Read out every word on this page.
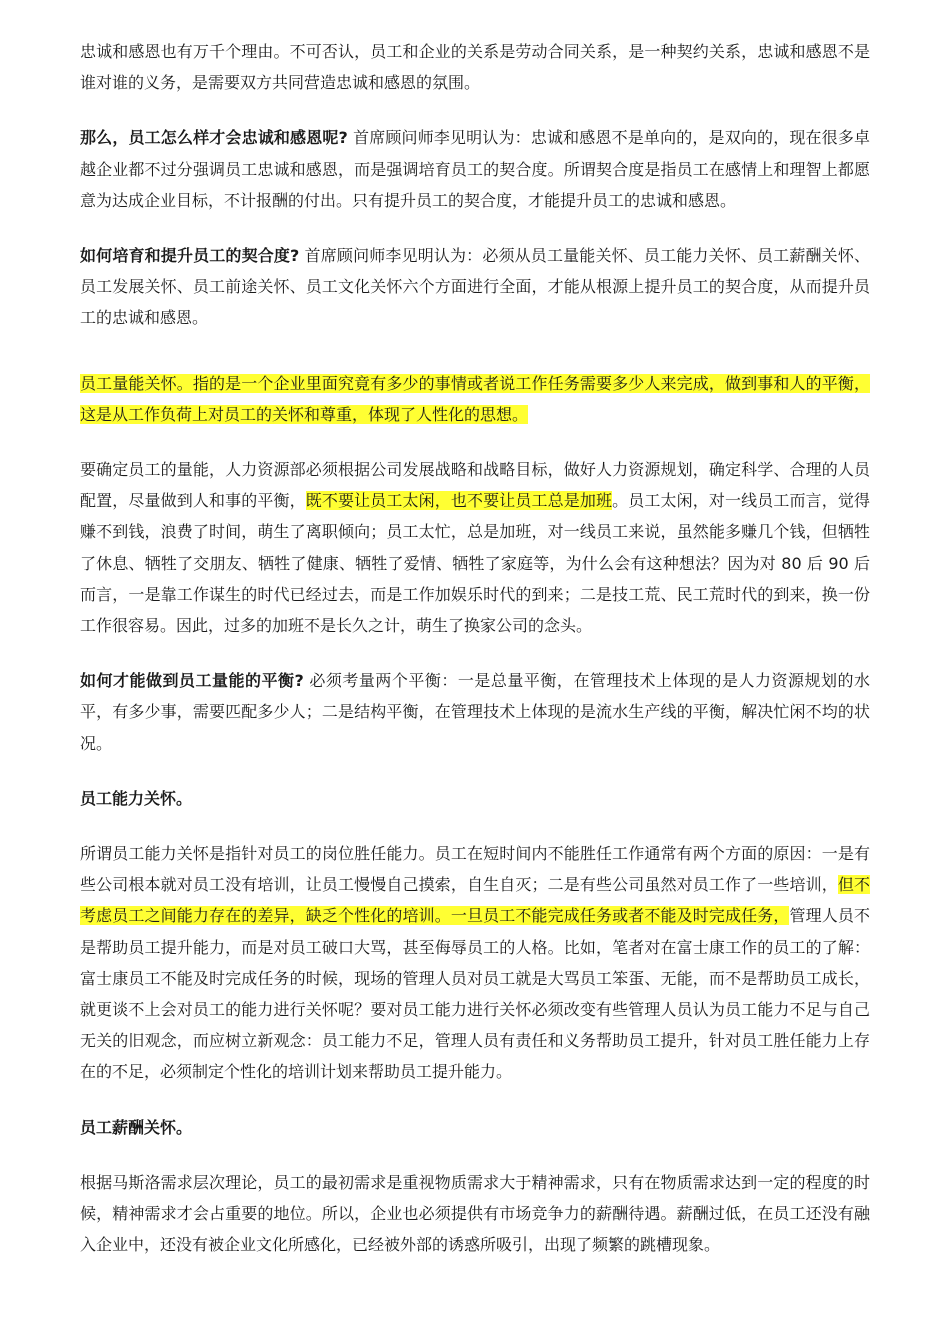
忠诚和感恩也有万千个理由。不可否认，员工和企业的关系是劳动合同关系，是一种契约关系，忠诚和感恩不是谁对谁的义务，是需要双方共同营造忠诚和感恩的氛围。

那么，员工怎么样才会忠诚和感恩呢? 首席顾问师李见明认为：忠诚和感恩不是单向的，是双向的，现在很多卓越企业都不过分强调员工忠诚和感恩，而是强调培育员工的契合度。所谓契合度是指员工在感情上和理智上都愿意为达成企业目标，不计报酬的付出。只有提升员工的契合度，才能提升员工的忠诚和感恩。

如何培育和提升员工的契合度? 首席顾问师李见明认为：必须从员工量能关怀、员工能力关怀、员工薪酬关怀、员工发展关怀、员工前途关怀、员工文化关怀六个方面进行全面，才能从根源上提升员工的契合度，从而提升员工的忠诚和感恩。

员工量能关怀。指的是一个企业里面究竟有多少的事情或者说工作任务需要多少人来完成，做到事和人的平衡，这是从工作负荷上对员工的关怀和尊重，体现了人性化的思想。

要确定员工的量能，人力资源部必须根据公司发展战略和战略目标，做好人力资源规划，确定科学、合理的人员配置，尽量做到人和事的平衡，既不要让员工太闲，也不要让员工总是加班。员工太闲，对一线员工而言，觉得赚不到钱，浪费了时间，萌生了离职倾向；员工太忙，总是加班，对一线员工来说，虽然能多赚几个钱，但牺牲了休息、牺牲了交朋友、牺牲了健康、牺牲了爱情、牺牲了家庭等，为什么会有这种想法？因为对 80 后 90 后而言，一是靠工作谋生的时代已经过去，而是工作加娱乐时代的到来；二是技工荒、民工荒时代的到来，换一份工作很容易。因此，过多的加班不是长久之计，萌生了换家公司的念头。

如何才能做到员工量能的平衡? 必须考量两个平衡：一是总量平衡，在管理技术上体现的是人力资源规划的水平，有多少事，需要匹配多少人；二是结构平衡，在管理技术上体现的是流水生产线的平衡，解决忙闲不均的状况。

员工能力关怀。

所谓员工能力关怀是指针对员工的岗位胜任能力。员工在短时间内不能胜任工作通常有两个方面的原因：一是有些公司根本就对员工没有培训，让员工慢慢自己摸索，自生自灭；二是有些公司虽然对员工作了一些培训，但不考虑员工之间能力存在的差异，缺乏个性化的培训。一旦员工不能完成任务或者不能及时完成任务，管理人员不是帮助员工提升能力，而是对员工破口大骂，甚至侮辱员工的人格。比如，笔者对在富士康工作的员工的了解：富士康员工不能及时完成任务的时候，现场的管理人员对员工就是大骂员工笨蛋、无能，而不是帮助员工成长，就更谈不上会对员工的能力进行关怀呢？要对员工能力进行关怀必须改变有些管理人员认为员工能力不足与自己无关的旧观念，而应树立新观念：员工能力不足，管理人员有责任和义务帮助员工提升，针对员工胜任能力上存在的不足，必须制定个性化的培训计划来帮助员工提升能力。

员工薪酬关怀。

根据马斯洛需求层次理论，员工的最初需求是重视物质需求大于精神需求，只有在物质需求达到一定的程度的时候，精神需求才会占重要的地位。所以，企业也必须提供有市场竞争力的薪酬待遇。薪酬过低，在员工还没有融入企业中，还没有被企业文化所感化，已经被外部的诱惑所吸引，出现了频繁的跳槽现象。
